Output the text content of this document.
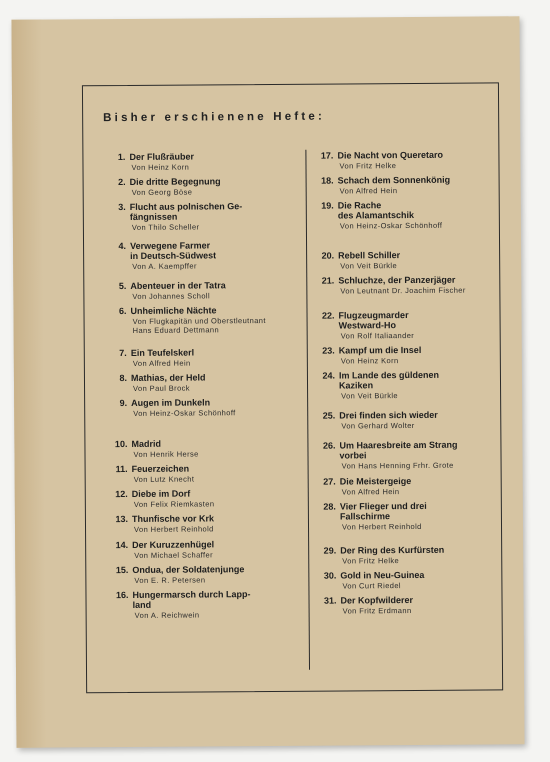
Bisher erschienene Hefte:
1. Der Flußräuber
Von Heinz Korn
2. Die dritte Begegnung
Von Georg Böse
3. Flucht aus polnischen Ge-
fängnissen
Von Thilo Scheller
4. Verwegene Farmer
in Deutsch-Südwest
Von A. Kaempffer
5. Abenteuer in der Tatra
Von Johannes Scholl
6. Unheimliche Nächte
Von Flugkapitän und Oberstleutnant
Hans Eduard Dettmann
7. Ein Teufelskerl
Von Alfred Hein
8. Mathias, der Held
Von Paul Brock
9. Augen im Dunkeln
Von Heinz-Oskar Schönhoff
10. Madrid
Von Henrik Herse
11. Feuerzeichen
Von Lutz Knecht
12. Diebe im Dorf
Von Felix Riemkasten
13. Thunfische vor Krk
Von Herbert Reinhold
14. Der Kuruzzenhügel
Von Michael Schaffer
15. Ondua, der Soldatenjunge
Von E. R. Petersen
16. Hungermarsch durch Lapp-
land
Von A. Reichwein
17. Die Nacht von Queretaro
Von Fritz Helke
18. Schach dem Sonnenkönig
Von Alfred Hein
19. Die Rache
des Alamantschik
Von Heinz-Oskar Schönhoff
20. Rebell Schiller
Von Veit Bürkle
21. Schluchze, der Panzerjäger
Von Leutnant Dr. Joachim Fischer
22. Flugzeugmarder
Westward-Ho
Von Rolf Italiaander
23. Kampf um die Insel
Von Heinz Korn
24. Im Lande des güldenen
Kaziken
Von Veit Bürkle
25. Drei finden sich wieder
Von Gerhard Wolter
26. Um Haaresbreite am Strang
vorbei
Von Hans Henning Frhr. Grote
27. Die Meistergeige
Von Alfred Hein
28. Vier Flieger und drei
Fallschirme
Von Herbert Reinhold
29. Der Ring des Kurfürsten
Von Fritz Helke
30. Gold in Neu-Guinea
Von Curt Riedel
31. Der Kopfwilderer
Von Fritz Erdmann
